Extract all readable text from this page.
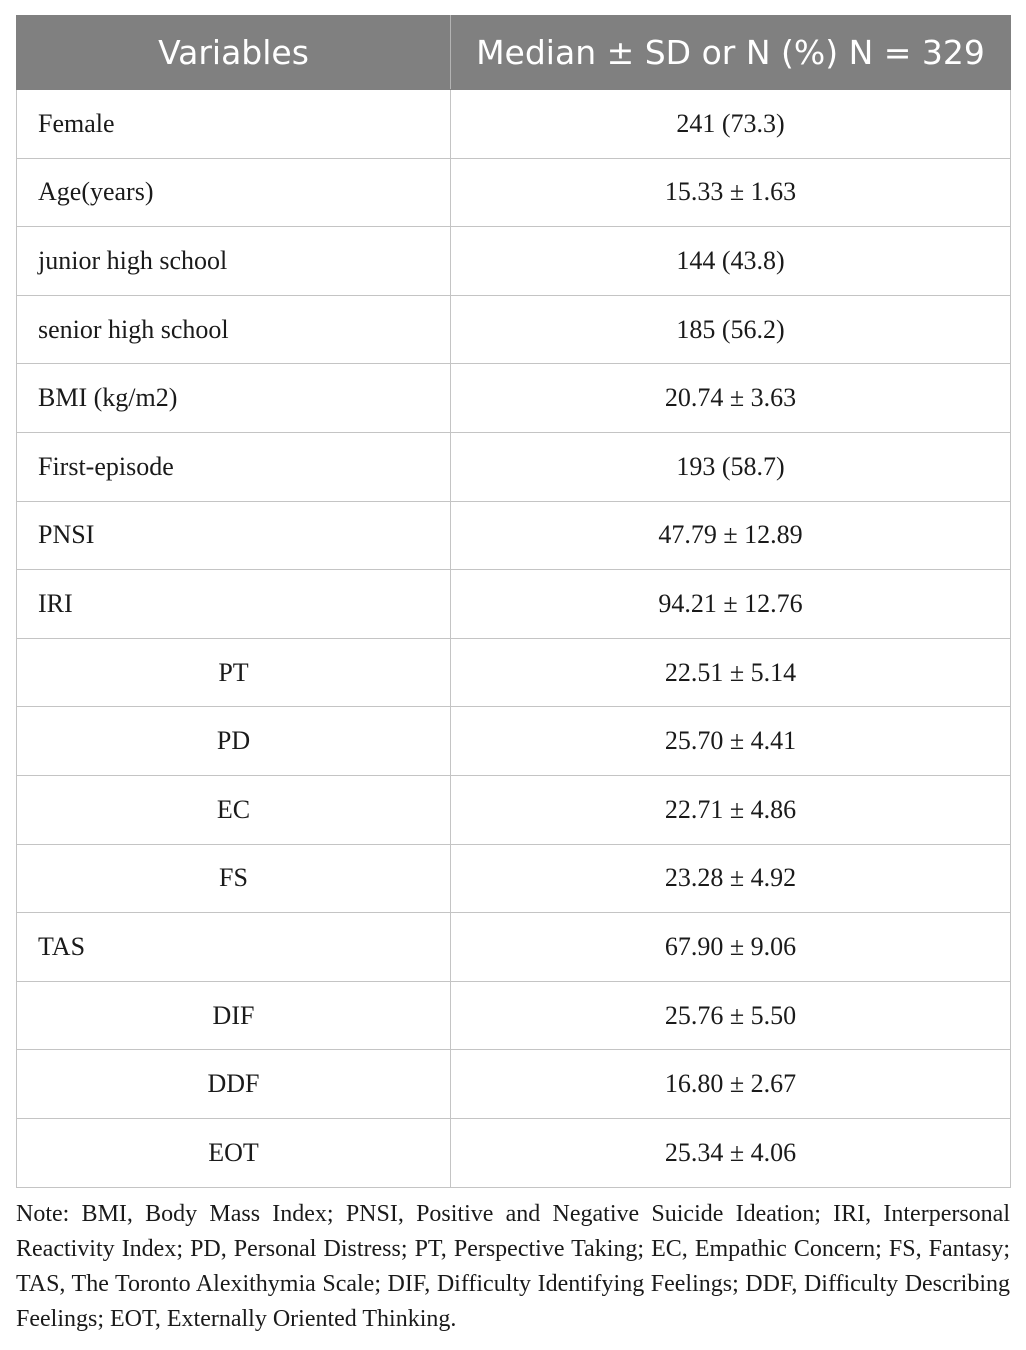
Variables	Median ± SD or N (%) N = 329
Female	241 (73.3)
Age(years)	15.33 ± 1.63
junior high school	144 (43.8)
senior high school	185 (56.2)
BMI (kg/m2)	20.74 ± 3.63
First-episode	193 (58.7)
PNSI	47.79 ± 12.89
IRI	94.21 ± 12.76
PT	22.51 ± 5.14
PD	25.70 ± 4.41
EC	22.71 ± 4.86
FS	23.28 ± 4.92
TAS	67.90 ± 9.06
DIF	25.76 ± 5.50
DDF	16.80 ± 2.67
EOT	25.34 ± 4.06
Note: BMI, Body Mass Index; PNSI, Positive and Negative Suicide Ideation; IRI, Interpersonal Reactivity Index; PD, Personal Distress; PT, Perspective Taking; EC, Empathic Concern; FS, Fantasy; TAS, The Toronto Alexithymia Scale; DIF, Difficulty Identifying Feelings; DDF, Difficulty Describing Feelings; EOT, Externally Oriented Thinking.
